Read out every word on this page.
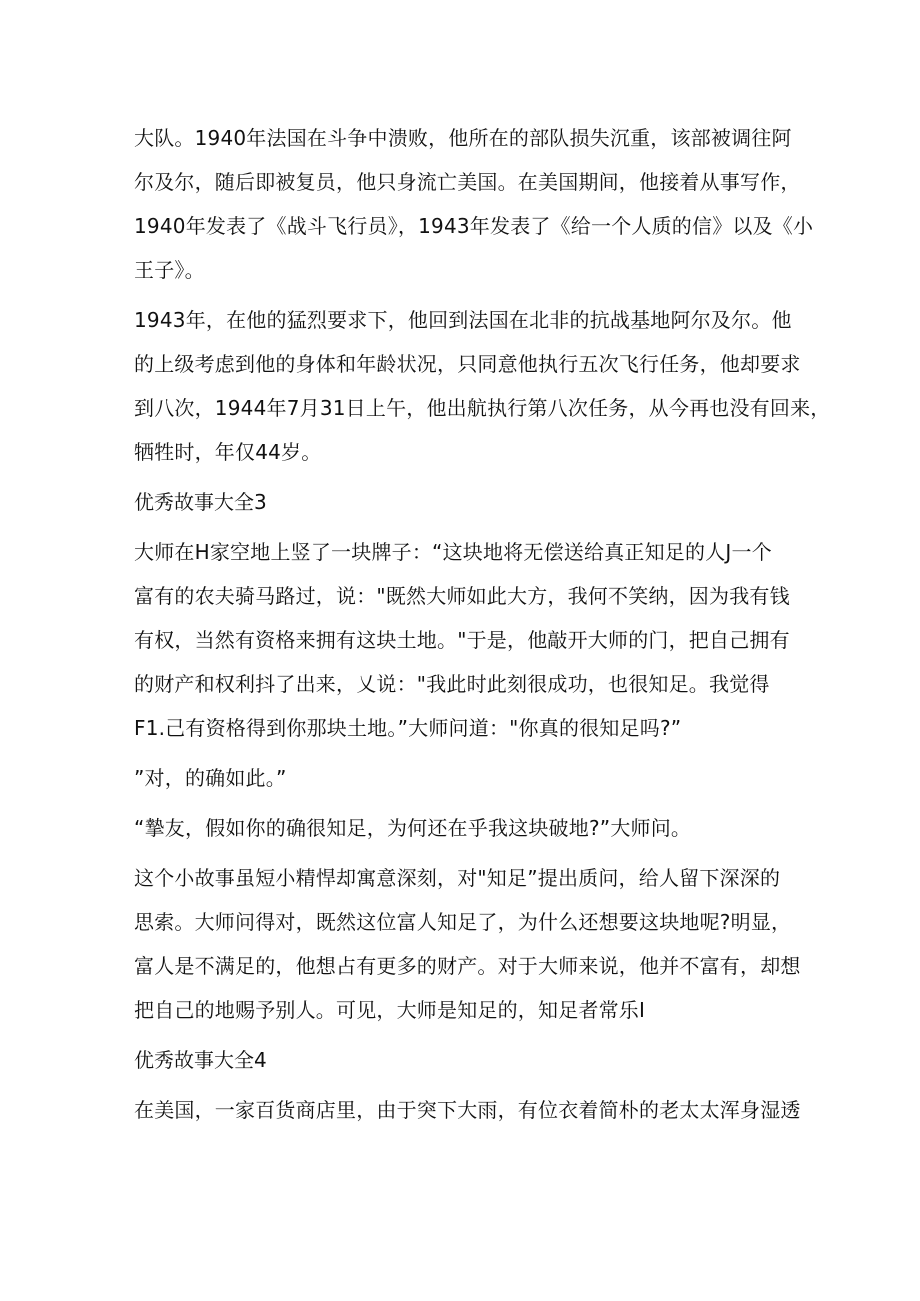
大队。1940年法国在斗争中溃败，他所在的部队损失沉重，该部被调往阿
尔及尔，随后即被复员，他只身流亡美国。在美国期间，他接着从事写作，
1940年发表了《战斗飞行员》，1943年发表了《给一个人质的信》以及《小
王子》。
1943年，在他的猛烈要求下，他回到法国在北非的抗战基地阿尔及尔。他
的上级考虑到他的身体和年龄状况，只同意他执行五次飞行任务，他却要求
到八次，1944年7月31日上午，他出航执行第八次任务，从今再也没有回来，
牺牲时，年仅44岁。
优秀故事大全3
大师在H家空地上竖了一块牌子：“这块地将无偿送给真正知足的人J一个
富有的农夫骑马路过，说："既然大师如此大方，我何不笑纳，因为我有钱
有权，当然有资格来拥有这块土地。"于是，他敲开大师的门，把自己拥有
的财产和权利抖了出来，乂说："我此时此刻很成功，也很知足。我觉得
F1.己有资格得到你那块土地。”大师问道："你真的很知足吗?”
”对，的确如此。”
“摯友，假如你的确很知足，为何还在乎我这块破地?”大师问。
这个小故事虽短小精悍却寓意深刻，对"知足”提出质问，给人留下深深的
思索。大师问得对，既然这位富人知足了，为什么还想要这块地呢?明显，
富人是不满足的，他想占有更多的财产。对于大师来说，他并不富有，却想
把自己的地赐予别人。可见，大师是知足的，知足者常乐I
优秀故事大全4
在美国，一家百货商店里，由于突下大雨，有位衣着简朴的老太太浑身湿透
